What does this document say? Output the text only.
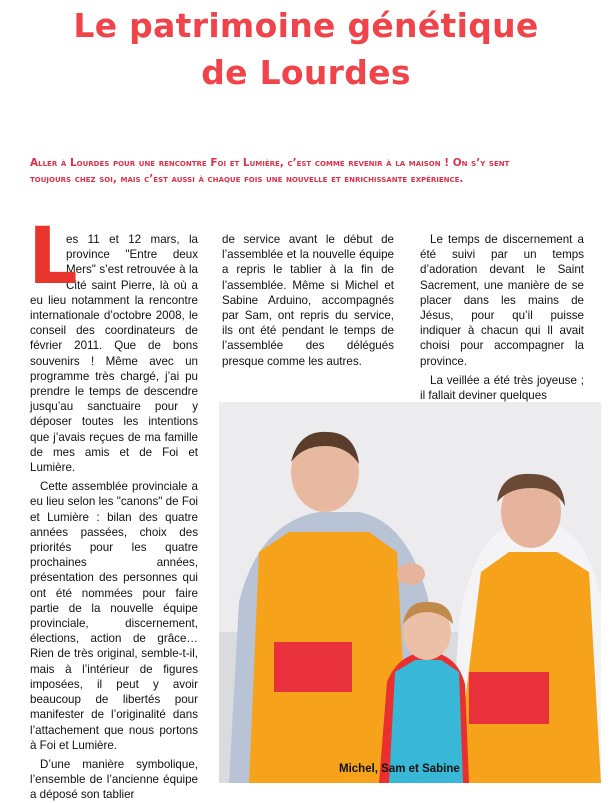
Le patrimoine génétique
de Lourdes
Aller à Lourdes pour une rencontre Foi et Lumière, c’est comme revenir à la maison ! On s’y sent
toujours chez soi, mais c’est aussi à chaque fois une nouvelle et enrichissante expérience.

L
es 11 et 12 mars, la province "Entre deux Mers" s’est retrouvée à la Cité saint Pierre, là où a eu lieu notamment la rencontre internationale d’octobre 2008, le conseil des coordinateurs de février 2011. Que de bons souvenirs ! Même avec un programme très chargé, j’ai pu prendre le temps de descendre jusqu’au sanctuaire pour y déposer toutes les intentions que j’avais reçues de ma famille de mes amis et de Foi et Lumière.

Cette assemblée provinciale a eu lieu selon les "canons" de Foi et Lumière : bilan des quatre années passées, choix des priorités pour les quatre prochaines années, présentation des personnes qui ont été nommées pour faire partie de la nouvelle équipe provinciale, discernement, élections, action de grâce… Rien de très original, semble-t-il, mais à l’intérieur de figures imposées, il peut y avoir beaucoup de libertés pour manifester de l’originalité dans l’attachement que nous portons à Foi et Lumière.

D’une manière symbolique, l’ensemble de l’ancienne équipe a déposé son tablier

de service avant le début de l’assemblée et la nouvelle équipe a repris le tablier à la fin de l’assemblée. Même si Michel et Sabine Arduino, accompagnés par Sam, ont repris du service, ils ont été pendant le temps de l’assemblée des délégués presque comme les autres.

Le temps de discernement a été suivi par un temps d’adoration devant le Saint Sacrement, une manière de se placer dans les mains de Jésus, pour qu’il puisse indiquer à chacun qui Il avait choisi pour accompagner la province.

La veillée a été très joyeuse ; il fallait deviner quelques

Michel, Sam et Sabine
